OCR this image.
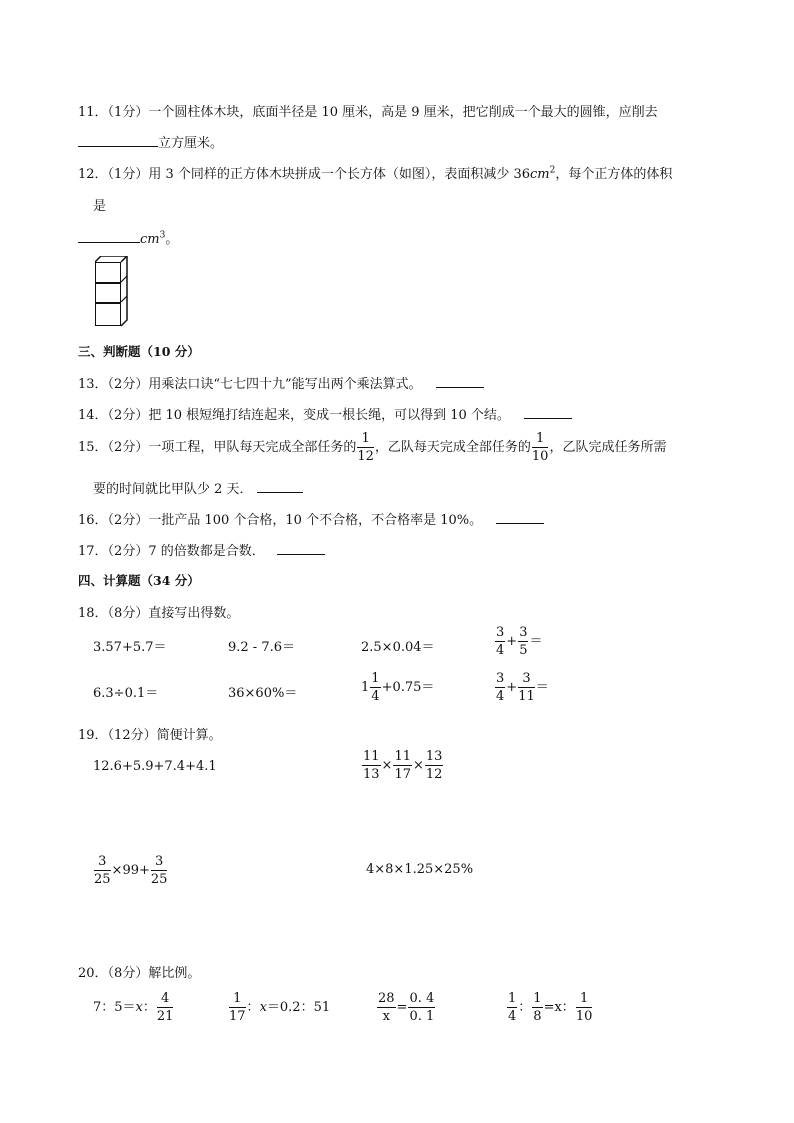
11．（1分）一个圆柱体木块，底面半径是 10 厘米，高是 9 厘米，把它削成一个最大的圆锥，应削去
立方厘米。
12．（1分）用 3 个同样的正方体木块拼成一个长方体（如图），表面积减少 $36cm^2$，每个正方体的体积
是
$cm^3$。
三、判断题（10 分）
13．（2分）用乘法口诀“七七四十九”能写出两个乘法算式。
14．（2分）把 10 根短绳打结连起来，变成一根长绳，可以得到 10 个结。
15．（2分）一项工程，甲队每天完成全部任务的 $\frac{1}{12}$ ，乙队每天完成全部任务的 $\frac{1}{10}$ ，乙队完成任务所需
要的时间就比甲队少 2 天．
16．（2分）一批产品 100 个合格，10 个不合格，不合格率是 10%。
17．（2分）7 的倍数都是合数．
四、计算题（34 分）
18．（8分）直接写出得数。
3.57+5.7＝	9.2 - 7.6＝	2.5×0.04＝	$\frac{3}{4} + \frac{3}{5}$ ＝
6.3÷0.1＝	36×60%＝	$1 \frac{1}{4} +0.75=$	$\frac{3}{4} + \frac{3}{11}$ ＝
19．（12分）简便计算。
12.6+5.9+7.4+4.1	$\frac{11}{13} \times \frac{11}{17} \times \frac{13}{12}$
$\frac{3}{25} \times 99+ \frac{3}{25}$	4×8×1.25×25%
20．（8分）解比例。
7：5＝x： $\frac{4}{21}$	$\frac{1}{17}$ ：x＝0.2：51	$\frac{28}{x} = \frac{0. 4}{0. 1}$	$\frac{1}{4}$ ： $\frac{1}{8} =x$： $\frac{1}{10}$
